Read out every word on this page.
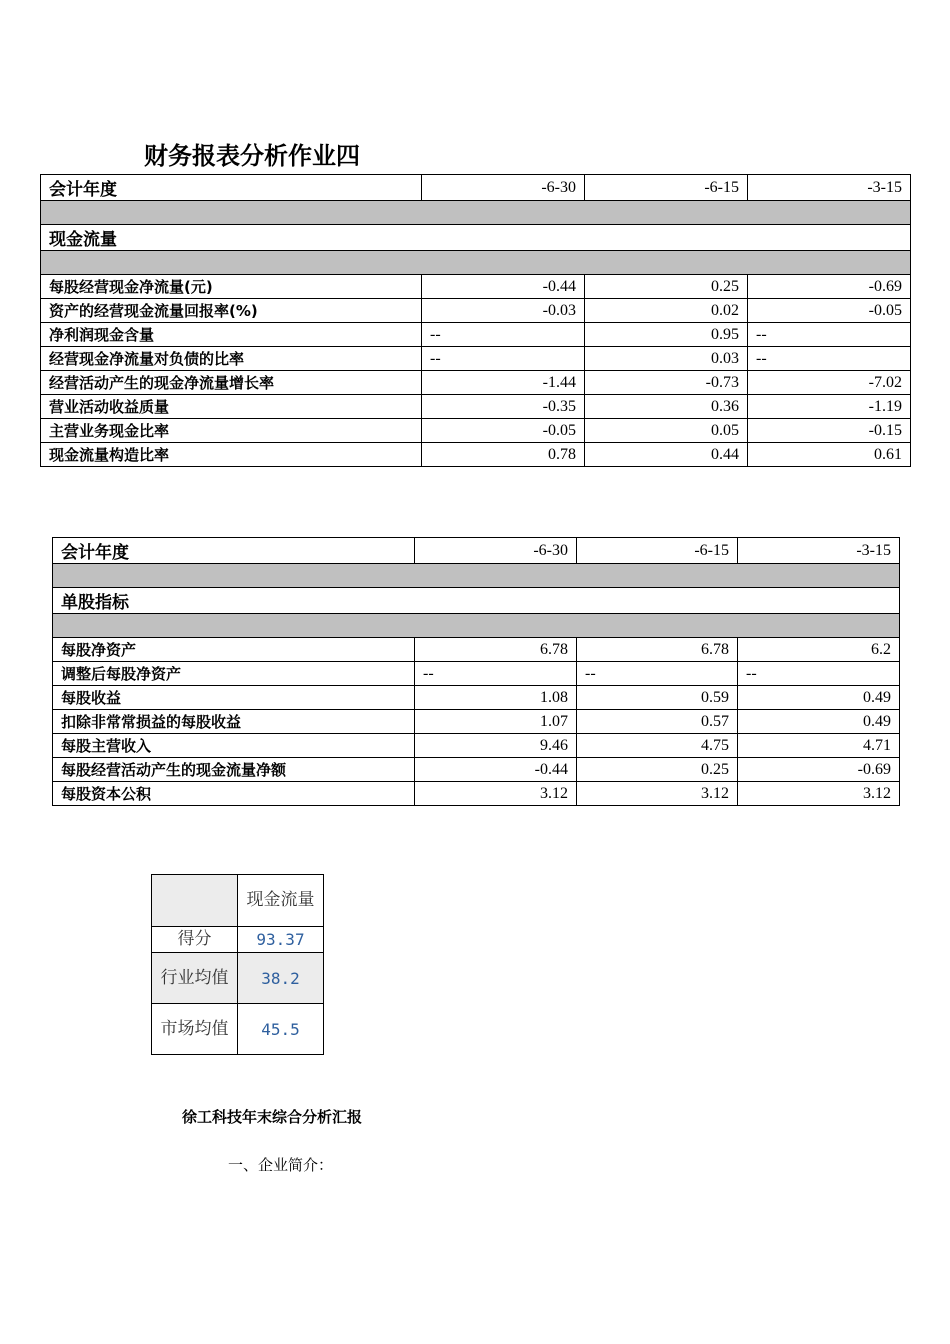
财务报表分析作业四
会计年度	-6-30	-6-15	-3-15

现金流量			

每股经营现金净流量(元)	-0.44	0.25	-0.69
资产的经营现金流量回报率(%)	-0.03	0.02	-0.05
净利润现金含量	--	0.95	--
经营现金净流量对负债的比率	--	0.03	--
经营活动产生的现金净流量增长率	-1.44	-0.73	-7.02
营业活动收益质量	-0.35	0.36	-1.19
主营业务现金比率	-0.05	0.05	-0.15
现金流量构造比率	0.78	0.44	0.61
会计年度	-6-30	-6-15	-3-15

单股指标			

每股净资产	6.78	6.78	6.2
调整后每股净资产	--	--	--
每股收益	1.08	0.59	0.49
扣除非常常损益的每股收益	1.07	0.57	0.49
每股主营收入	9.46	4.75	4.71
每股经营活动产生的现金流量净额	-0.44	0.25	-0.69
每股资本公积	3.12	3.12	3.12
	现金流量
得分	93.37
行业均值	38.2
市场均值	45.5
徐工科技年末综合分析汇报
一、企业简介：
